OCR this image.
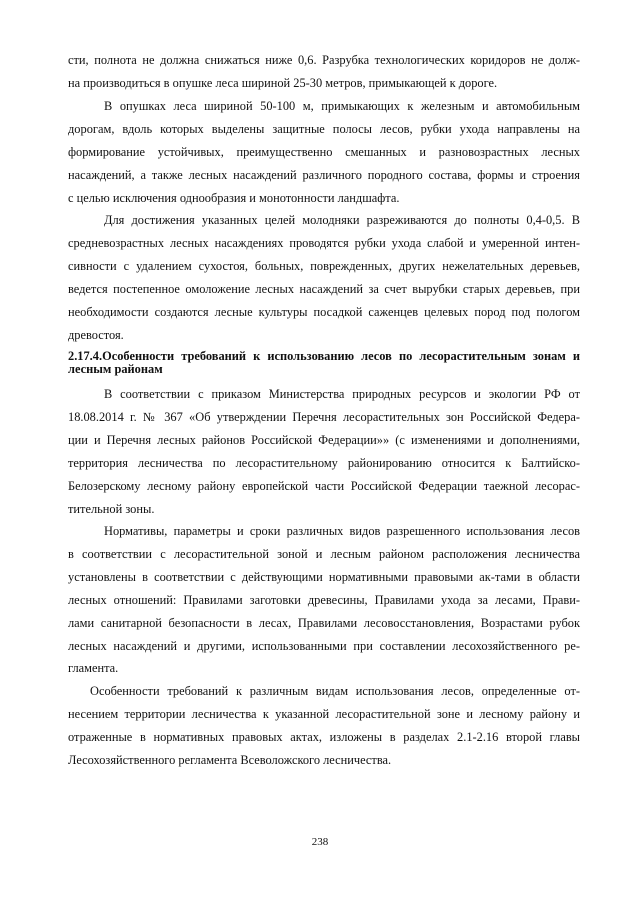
сти, полнота не должна снижаться ниже 0,6. Разрубка технологических коридоров не долж-
на производиться в опушке леса шириной 25-30 метров, примыкающей к дороге.
В опушках леса шириной 50-100 м, примыкающих к железным и автомобильным
дорогам, вдоль которых выделены защитные полосы лесов, рубки ухода направлены на
формирование устойчивых, преимущественно смешанных и разновозрастных лесных
насаждений, а также лесных насаждений различного породного состава, формы и строения
с целью исключения однообразия и монотонности ландшафта.
Для достижения указанных целей молодняки разреживаются до полноты 0,4-0,5. В
средневозрастных лесных насаждениях проводятся рубки ухода слабой и умеренной интен-
сивности с удалением сухостоя, больных, поврежденных, других нежелательных деревьев,
ведется постепенное омоложение лесных насаждений за счет вырубки старых деревьев, при
необходимости создаются лесные культуры посадкой саженцев целевых пород под пологом
древостоя.
2.17.4.Особенности требований к использованию лесов по лесорастительным зонам и
лесным районам
В соответствии с приказом Министерства природных ресурсов и экологии РФ от
18.08.2014 г. № 367 «Об утверждении Перечня лесорастительных зон Российской Федера-
ции и Перечня лесных районов Российской Федерации»» (с изменениями и дополнениями,
территория лесничества по лесорастительному районированию относится к Балтийско-
Белозерскому лесному району европейской части Российской Федерации таежной лесорас-
тительной зоны.
Нормативы, параметры и сроки различных видов разрешенного использования лесов
в соответствии с лесорастительной зоной и лесным районом расположения лесничества
установлены в соответствии с действующими нормативными правовыми ак-тами в области
лесных отношений: Правилами заготовки древесины, Правилами ухода за лесами, Прави-
лами санитарной безопасности в лесах, Правилами лесовосстановления, Возрастами рубок
лесных насаждений и другими, использованными при составлении лесохозяйственного ре-
гламента.
Особенности требований к различным видам использования лесов, определенные от-
несением территории лесничества к указанной лесорастительной зоне и лесному району и
отраженные в нормативных правовых актах, изложены в разделах 2.1-2.16 второй главы
Лесохозяйственного регламента Всеволожского лесничества.
238
